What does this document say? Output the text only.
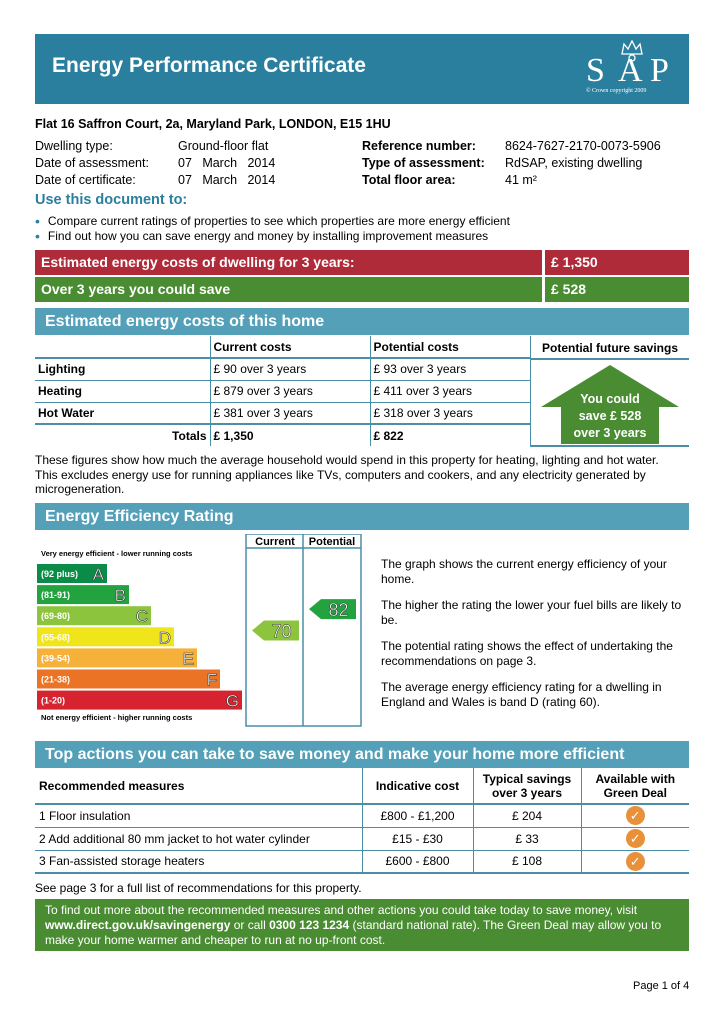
Energy Performance Certificate	S A P
© Crown copyright 2009
Flat 16 Saffron Court, 2a, Maryland Park, LONDON, E15 1HU
Dwelling type:	Ground-floor flat
Date of assessment: 07   March   2014
Date of certificate:	07   March   2014
Reference number: 8624-7627-2170-0073-5906
Type of assessment: RdSAP, existing dwelling
Total floor area:	41 m²
Use this document to:
• Compare current ratings of properties to see which properties are more energy efficient
• Find out how you can save energy and money by installing improvement measures
Estimated energy costs of dwelling for 3 years:	£ 1,350
Over 3 years you could save	£ 528
Estimated energy costs of this home
	Current costs	Potential costs
Lighting	£ 90 over 3 years	£ 93 over 3 years
Heating	£ 879 over 3 years	£ 411 over 3 years
Hot Water	£ 381 over 3 years	£ 318 over 3 years
Totals	£ 1,350	£ 822
Potential future savings
You could
save £ 528
over 3 years
These figures show how much the average household would spend in this property for heating, lighting and hot water. This excludes energy use for running appliances like TVs, computers and cookers, and any electricity generated by microgeneration.
Energy Efficiency Rating
Current Potential
Very energy efficient - lower running costs
Not energy efficient - higher running costs
(92 plus) A
(81-91)	B
(69-80)	C
(55-68)	D
(39-54)	E
(21-38)	F
(1-20)	G
70
82
The graph shows the current energy efficiency of your home.
The higher the rating the lower your fuel bills are likely to be.
The potential rating shows the effect of undertaking the recommendations on page 3.
The average energy efficiency rating for a dwelling in England and Wales is band D (rating 60).
Top actions you can take to save money and make your home more efficient
Recommended measures	Indicative cost	Typical savings over 3 years	Available with Green Deal
1 Floor insulation	£800 - £1,200	£ 204	✓
2 Add additional 80 mm jacket to hot water cylinder	£15 - £30	£ 33	✓
3 Fan-assisted storage heaters	£600 - £800	£ 108	✓
See page 3 for a full list of recommendations for this property.
To find out more about the recommended measures and other actions you could take today to save money, visit www.direct.gov.uk/savingenergy or call 0300 123 1234 (standard national rate). The Green Deal may allow you to make your home warmer and cheaper to run at no up-front cost.
Page 1 of 4
